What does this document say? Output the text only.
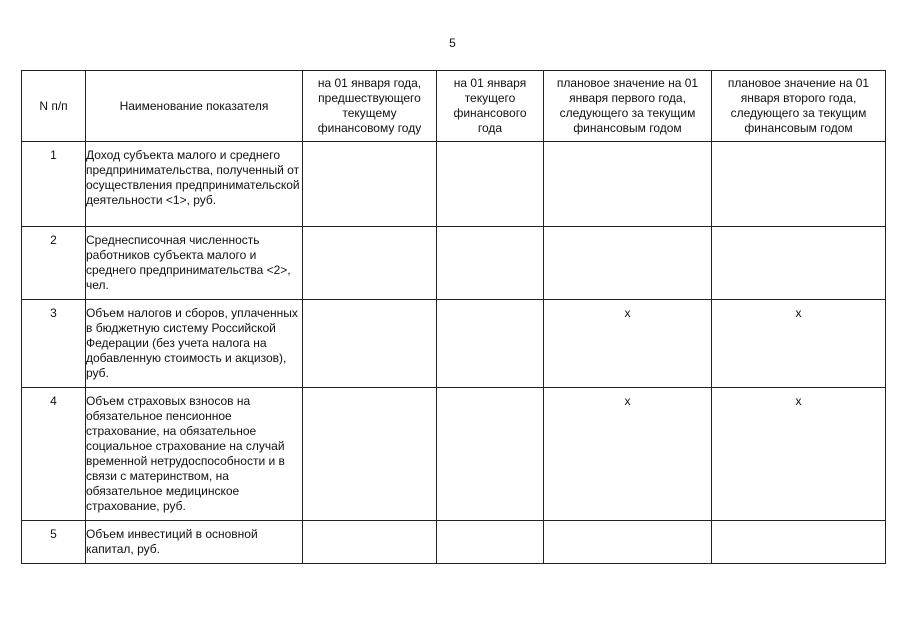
5
N п/п	Наименование показателя	на 01 января года, предшествующего текущему финансовому году	на 01 января текущего финансового года	плановое значение на 01 января первого года, следующего за текущим финансовым годом	плановое значение на 01 января второго года, следующего за текущим финансовым годом
1	Доход субъекта малого и среднего предпринимательства, полученный от осуществления предпринимательской деятельности <1>, руб.				
2	Среднесписочная численность работников субъекта малого и среднего предпринимательства <2>, чел.				
3	Объем налогов и сборов, уплаченных в бюджетную систему Российской Федерации (без учета налога на добавленную стоимость и акцизов), руб.			x	x
4	Объем страховых взносов на обязательное пенсионное страхование, на обязательное социальное страхование на случай временной нетрудоспособности и в связи с материнством, на обязательное медицинское страхование, руб.			x	x
5	Объем инвестиций в основной капитал, руб.				
